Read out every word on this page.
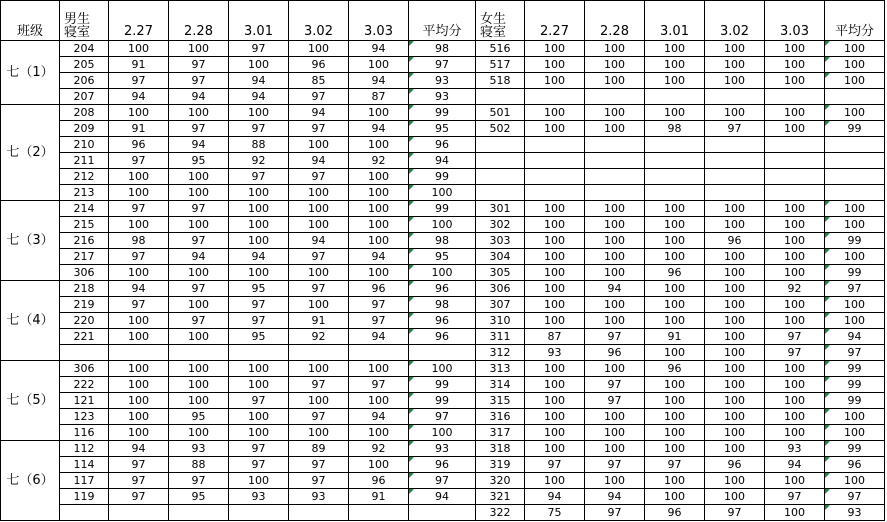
班级	男生
寝室	2.27	2.28	3.01	3.02	3.03	平均分	女生
寝室	2.27	2.28	3.01	3.02	3.03	平均分
七（1）	204	100	100	97	100	94	98	516	100	100	100	100	100	100
	205	91	97	100	96	100	97	517	100	100	100	100	100	100
	206	97	97	94	85	94	93	518	100	100	100	100	100	100
	207	94	94	94	97	87	93							
七（2）	208	100	100	100	94	100	99	501	100	100	100	100	100	100
	209	91	97	97	97	94	95	502	100	100	98	97	100	99
	210	96	94	88	100	100	96							
	211	97	95	92	94	92	94							
	212	100	100	97	97	100	99							
	213	100	100	100	100	100	100							
七（3）	214	97	97	100	100	100	99	301	100	100	100	100	100	100
	215	100	100	100	100	100	100	302	100	100	100	100	100	100
	216	98	97	100	94	100	98	303	100	100	100	96	100	99
	217	97	94	94	97	94	95	304	100	100	100	100	100	100
	306	100	100	100	100	100	100	305	100	100	96	100	100	99
七（4）	218	94	97	95	97	96	96	306	100	94	100	100	92	97
	219	97	100	97	100	97	98	307	100	100	100	100	100	100
	220	100	97	97	91	97	96	310	100	100	100	100	100	100
	221	100	100	95	92	94	96	311	87	97	91	100	97	94
								312	93	96	100	100	97	97
七（5）	306	100	100	100	100	100	100	313	100	100	96	100	100	99
	222	100	100	100	97	97	99	314	100	97	100	100	100	99
	121	100	100	97	100	100	99	315	100	97	100	100	100	99
	123	100	95	100	97	94	97	316	100	100	100	100	100	100
	116	100	100	100	100	100	100	317	100	100	100	100	100	100
七（6）	112	94	93	97	89	92	93	318	100	100	100	100	93	99
	114	97	88	97	97	100	96	319	97	97	97	96	94	96
	117	97	97	100	97	96	97	320	100	100	100	100	100	100
	119	97	95	93	93	91	94	321	94	94	100	100	97	97
								322	75	97	96	97	100	93
